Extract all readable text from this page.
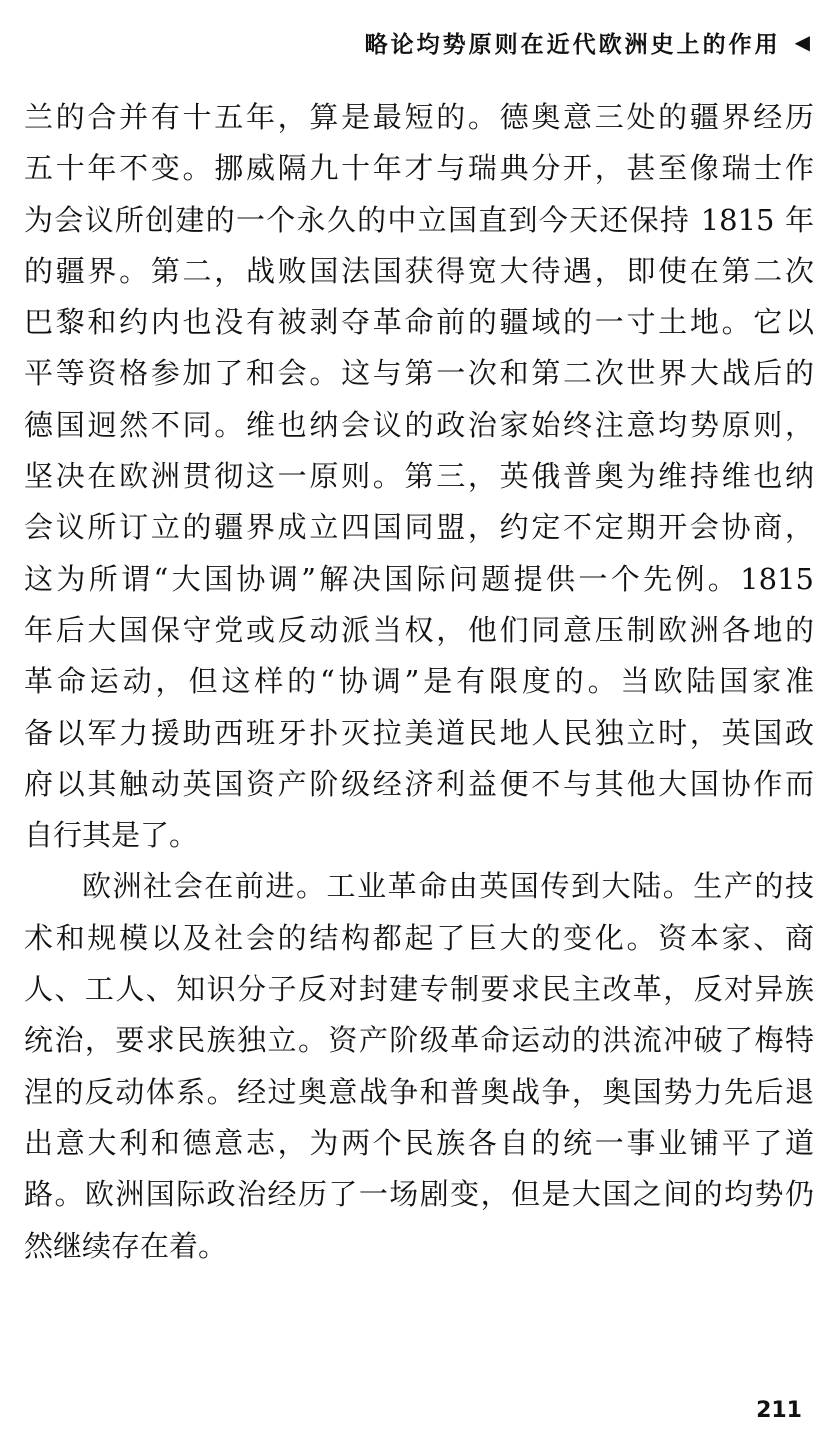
略论均势原则在近代欧洲史上的作用 ◀
兰的合并有十五年，算是最短的。德奥意三处的疆界经历
五十年不变。挪威隔九十年才与瑞典分开，甚至像瑞士作
为会议所创建的一个永久的中立国直到今天还保持 1815 年
的疆界。第二，战败国法国获得宽大待遇，即使在第二次
巴黎和约内也没有被剥夺革命前的疆域的一寸土地。它以
平等资格参加了和会。这与第一次和第二次世界大战后的
德国迥然不同。维也纳会议的政治家始终注意均势原则，
坚决在欧洲贯彻这一原则。第三，英俄普奥为维持维也纳
会议所订立的疆界成立四国同盟，约定不定期开会协商，
这为所谓“大国协调”解决国际问题提供一个先例。1815
年后大国保守党或反动派当权，他们同意压制欧洲各地的
革命运动，但这样的“协调”是有限度的。当欧陆国家准
备以军力援助西班牙扑灭拉美道民地人民独立时，英国政
府以其触动英国资产阶级经济利益便不与其他大国协作而
自行其是了。
欧洲社会在前进。工业革命由英国传到大陆。生产的技
术和规模以及社会的结构都起了巨大的变化。资本家、商
人、工人、知识分子反对封建专制要求民主改革，反对异族
统治，要求民族独立。资产阶级革命运动的洪流冲破了梅特
涅的反动体系。经过奥意战争和普奥战争，奥国势力先后退
出意大利和德意志，为两个民族各自的统一事业铺平了道
路。欧洲国际政治经历了一场剧变，但是大国之间的均势仍
然继续存在着。
211
